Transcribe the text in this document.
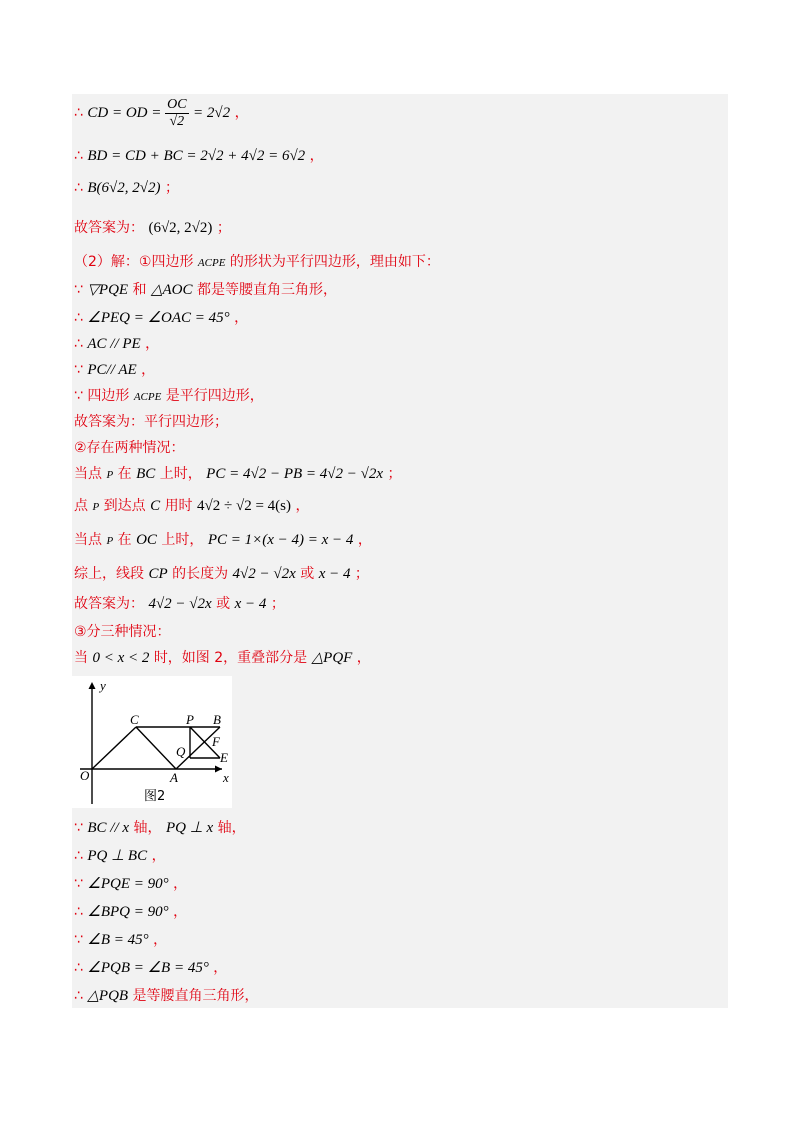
∴ CD = OD = $\frac{OC}{√2} = 2√2$ ，
∴ BD = CD + BC = 2√2 + 4√2 = 6√2 ，
∴ B(6√2, 2√2) ；
故答案为： (6√2, 2√2) ；
（2）解：①四边形 ACPE 的形状为平行四边形，理由如下：
∵ ▽PQE 和 △AOC 都是等腰直角三角形，
∴ ∠PEQ = ∠OAC = 45° ，
∴ AC // PE ，
∵ PC// AE ，
∵ 四边形 ACPE 是平行四边形，
故答案为：平行四边形；
②存在两种情况：
当点 P 在 BC 上时， PC = 4√2 − PB = 4√2 − √2x ；
点 P 到达点 C 用时 4√2 ÷ √2 = 4(s) ，
当点 P 在 OC 上时， PC = 1×(x − 4) = x − 4 ，
综上，线段 CP 的长度为 4√2 − √2x 或 x − 4 ；
故答案为： 4√2 − √2x 或 x − 4 ；
③分三种情况：
当 0 < x < 2 时，如图 2，重叠部分是 △PQF ，
y
x
O
C	P B
Q
F
E
A
图2
∵ BC // x 轴， PQ ⊥ x 轴，
∴ PQ ⊥ BC ，
∵ ∠PQE = 90° ，
∴ ∠BPQ = 90° ，
∵ ∠B = 45° ，
∴ ∠PQB = ∠B = 45° ，
∴ △PQB 是等腰直角三角形，
